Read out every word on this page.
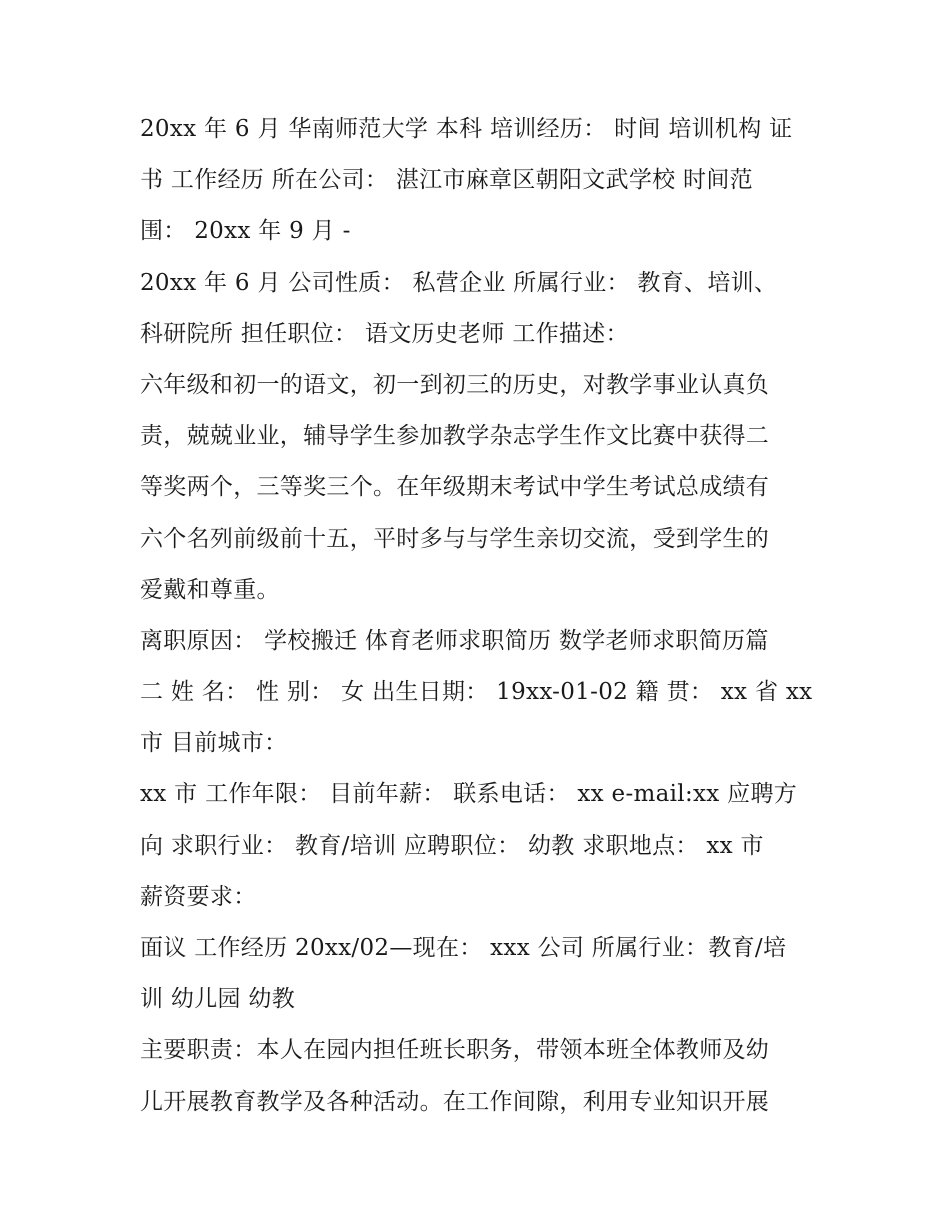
20xx 年 6 月 华南师范大学 本科 培训经历： 时间 培训机构 证
书 工作经历 所在公司： 湛江市麻章区朝阳文武学校 时间范
围： 20xx 年 9 月 -
20xx 年 6 月 公司性质： 私营企业 所属行业： 教育、培训、
科研院所 担任职位： 语文历史老师 工作描述：
六年级和初一的语文，初一到初三的历史，对教学事业认真负
责，兢兢业业，辅导学生参加教学杂志学生作文比赛中获得二
等奖两个，三等奖三个。在年级期末考试中学生考试总成绩有
六个名列前级前十五，平时多与与学生亲切交流，受到学生的
爱戴和尊重。
离职原因： 学校搬迁 体育老师求职简历 数学老师求职简历篇
二 姓 名： 性 别： 女 出生日期： 19xx-01-02 籍 贯： xx 省 xx
市 目前城市：
xx 市 工作年限： 目前年薪： 联系电话： xx e-mail:xx 应聘方
向 求职行业： 教育/培训 应聘职位： 幼教 求职地点： xx 市
薪资要求：
面议 工作经历 20xx/02—现在： xxx 公司 所属行业：教育/培
训 幼儿园 幼教
主要职责：本人在园内担任班长职务，带领本班全体教师及幼
儿开展教育教学及各种活动。在工作间隙，利用专业知识开展
